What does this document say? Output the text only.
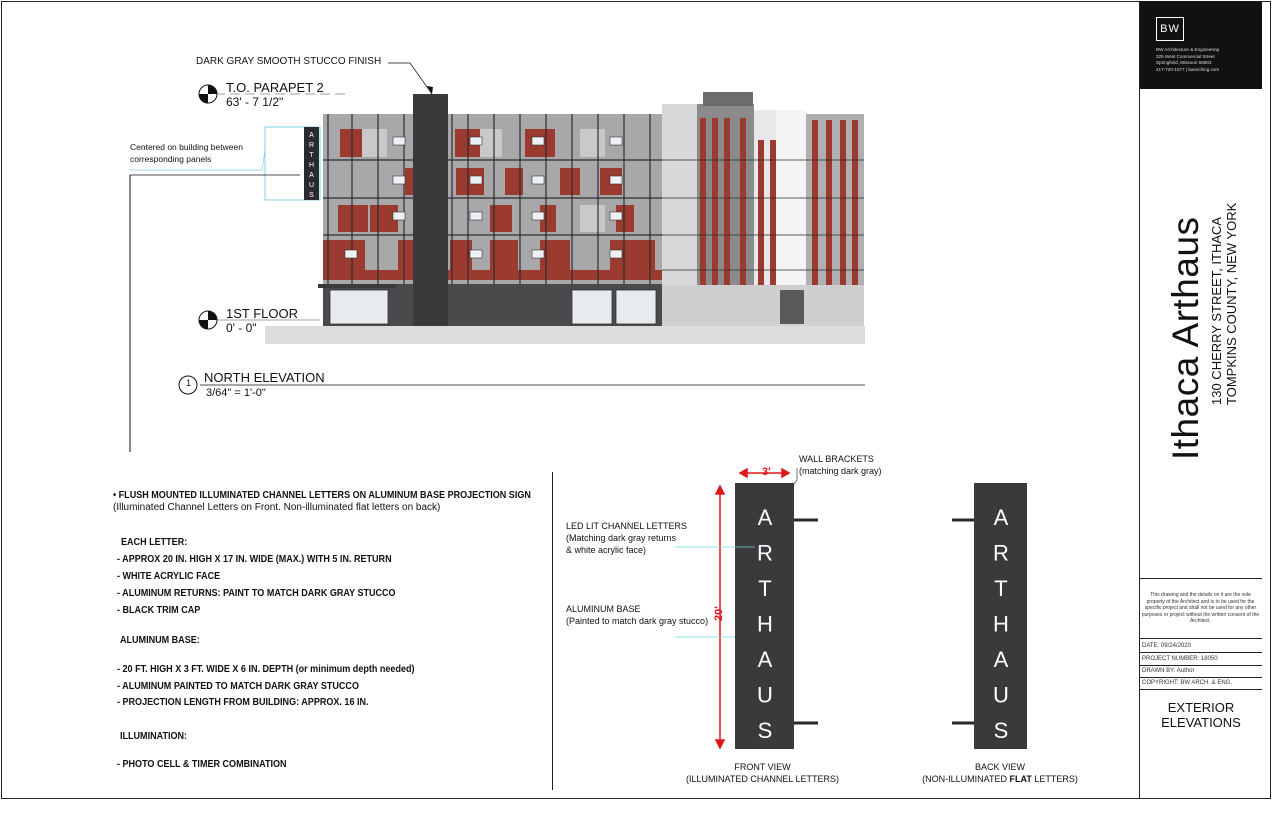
BW
BW Architecture & Engineering
325 West Commercial Street
Springfield, Missouri 65803
417-720-1577 | bwarching.com
Ithaca Arthaus 130 CHERRY STREET, ITHACA TOMPKINS COUNTY, NEW YORK
This drawing and the details on it are the sole property of the Architect and is to be used for the specific project and shall not be used for any other purposes or project without the written consent of the Architect.
DATE: 09/24/2020
PROJECT NUMBER: 18050
DRAWN BY: Author
COPYRIGHT: BW ARCH. & ENG.
EXTERIOR
ELEVATIONS
A
R
T
H
A
U
S
DARK GRAY SMOOTH STUCCO FINISH
T.O. PARAPET 2
63' - 7 1/2"
1ST FLOOR
0' - 0"
Centered on building between
corresponding panels
1 NORTH ELEVATION
3/64" = 1'-0"
• FLUSH MOUNTED ILLUMINATED CHANNEL LETTERS ON ALUMINUM BASE PROJECTION SIGN
(Illuminated Channel Letters on Front. Non-illuminated flat letters on back)
EACH LETTER:
- APPROX 20 IN. HIGH X 17 IN. WIDE (MAX.) WITH 5 IN. RETURN
- WHITE ACRYLIC FACE
- ALUMINUM RETURNS: PAINT TO MATCH DARK GRAY STUCCO
- BLACK TRIM CAP
ALUMINUM BASE:
- 20 FT. HIGH X 3 FT. WIDE X 6 IN. DEPTH (or minimum depth needed)
- ALUMINUM PAINTED TO MATCH DARK GRAY STUCCO
- PROJECTION LENGTH FROM BUILDING: APPROX. 16 IN.
ILLUMINATION:
- PHOTO CELL & TIMER COMBINATION
A
R
T
H
A
U
S
A
R
T
H
A
U
S
3'
20'
WALL BRACKETS
(matching dark gray)
LED LIT CHANNEL LETTERS
(Matching dark gray returns
& white acrylic face)
ALUMINUM BASE
(Painted to match dark gray stucco)
FRONT VIEW
(ILLUMINATED CHANNEL LETTERS)
BACK VIEW
(NON-ILLUMINATED FLAT LETTERS)
